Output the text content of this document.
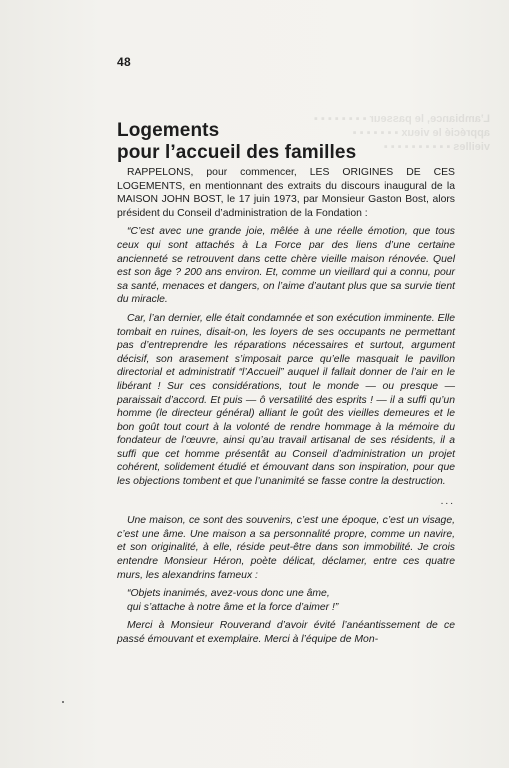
L’ambiance, le passeur ▪ ▪ ▪ ▪ ▪ ▪ ▪ ▪
apprécié le vieux ▪ ▪ ▪ ▪ ▪ ▪ ▪
vieilles ▪ ▪ ▪ ▪ ▪ ▪ ▪ ▪ ▪ ▪
48
Logements
pour l’accueil des familles

RAPPELONS, pour commencer, LES ORIGINES DE CES LOGEMENTS, en mentionnant des extraits du discours inaugural de la MAISON JOHN BOST, le 17 juin 1973, par Monsieur Gaston Bost, alors président du Conseil d’administration de la Fondation :

“C’est avec une grande joie, mêlée à une réelle émotion, que tous ceux qui sont attachés à La Force par des liens d’une certaine ancienneté se retrouvent dans cette chère vieille maison rénovée. Quel est son âge ? 200 ans environ. Et, comme un vieillard qui a connu, pour sa santé, menaces et dangers, on l’aime d’autant plus que sa survie tient du miracle.

Car, l’an dernier, elle était condamnée et son exécution imminente. Elle tombait en ruines, disait-on, les loyers de ses occupants ne permettant pas d’entreprendre les réparations nécessaires et surtout, argument décisif, son arasement s’imposait parce qu’elle masquait le pavillon directorial et administratif “l’Accueil” auquel il fallait donner de l’air en le libérant ! Sur ces considérations, tout le monde — ou presque — paraissait d’accord. Et puis — ô versatilité des esprits ! — il a suffi qu’un homme (le directeur général) alliant le goût des vieilles demeures et le bon goût tout court à la volonté de rendre hommage à la mémoire du fondateur de l’œuvre, ainsi qu’au travail artisanal de ses résidents, il a suffi que cet homme présentât au Conseil d’administration un projet cohérent, solidement étudié et émouvant dans son inspiration, pour que les objections tombent et que l’unanimité se fasse contre la destruction.

...

Une maison, ce sont des souvenirs, c’est une époque, c’est un visage, c’est une âme. Une maison a sa personnalité propre, comme un navire, et son originalité, à elle, réside peut-être dans son immobilité. Je crois entendre Monsieur Héron, poète délicat, déclamer, entre ces quatre murs, les alexandrins fameux :

“Objets inanimés, avez-vous donc une âme,
qui s’attache à notre âme et la force d’aimer !”

Merci à Monsieur Rouverand d’avoir évité l’anéantissement de ce passé émouvant et exemplaire. Merci à l’équipe de Mon-
